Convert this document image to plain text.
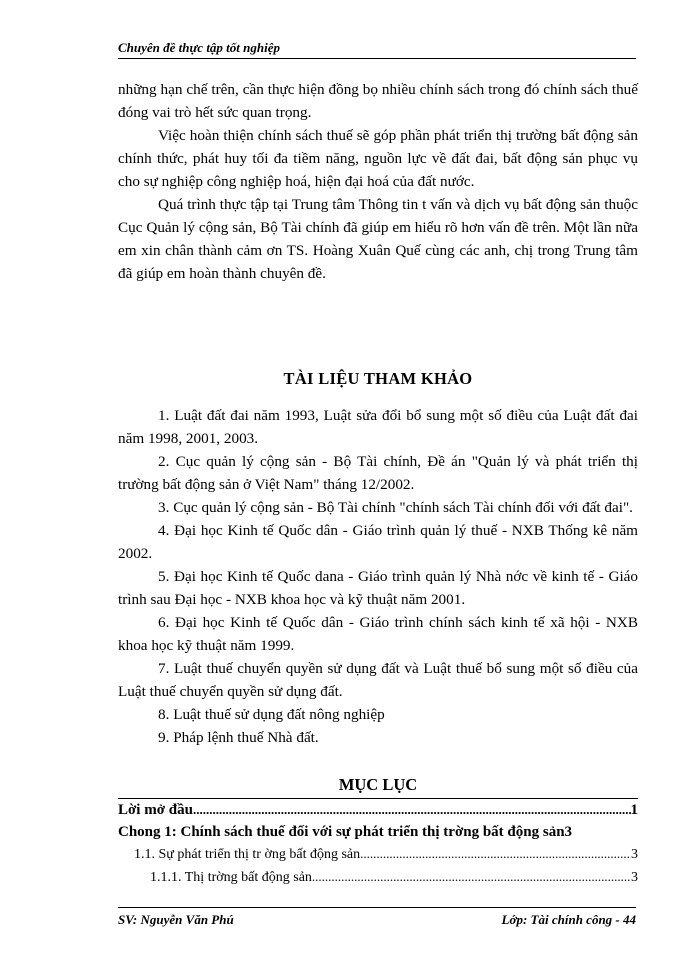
Chuyên đề thực tập tốt nghiệp

những hạn chế trên, cần thực hiện đồng bọ nhiều chính sách trong đó chính sách thuế đóng vai trò hết sức quan trọng.

Việc hoàn thiện chính sách thuế sẽ góp phần phát triển thị trường bất động sản chính thức, phát huy tối đa tiềm năng, nguồn lực về đất đai, bất động sản phục vụ cho sự nghiệp công nghiệp hoá, hiện đại hoá của đất nước.

Quá trình thực tập tại Trung tâm Thông tin t vấn và dịch vụ bất động sản thuộc Cục Quản lý cộng sản, Bộ Tài chính đã giúp em hiểu rõ hơn vấn đề trên. Một lần nữa em xin chân thành cảm ơn TS. Hoàng Xuân Quế cùng các anh, chị trong Trung tâm đã giúp em hoàn thành chuyên đề.

TÀI LIỆU THAM KHẢO

1. Luật đất đai năm 1993, Luật sửa đổi bổ sung một số điều của Luật đất đai năm 1998, 2001, 2003.

2. Cục quản lý cộng sản - Bộ Tài chính, Đề án "Quản lý và phát triển thị trường bất động sản ở Việt Nam" tháng 12/2002.

3. Cục quản lý cộng sản - Bộ Tài chính "chính sách Tài chính đối với đất đai".

4. Đại học Kinh tế Quốc dân - Giáo trình quản lý thuế - NXB Thống kê năm 2002.

5. Đại học Kinh tế Quốc dana - Giáo trình quản lý Nhà nớc về kinh tế - Giáo trình sau Đại học - NXB khoa học và kỹ thuật năm 2001.

6. Đại học Kinh tế Quốc dân - Giáo trình chính sách kinh tế xã hội - NXB khoa học kỹ thuật năm 1999.

7. Luật thuế chuyển quyền sử dụng đất và Luật thuế bổ sung một số điều của Luật thuế chuyển quyền sử dụng đất.

8. Luật thuế sử dụng đất nông nghiệp

9. Pháp lệnh thuế Nhà đất.

MỤC LỤC

Lời mở đầu .....	1
Chong 1: Chính sách thuế đối với sự phát triển thị trờng bất động sản 3
1.1. Sự phát triển thị tr ờng bất động sản .....	3
1.1.1. Thị trờng bất động sản .....	3
SV: Nguyễn Văn Phú	Lớp: Tài chính công - 44
